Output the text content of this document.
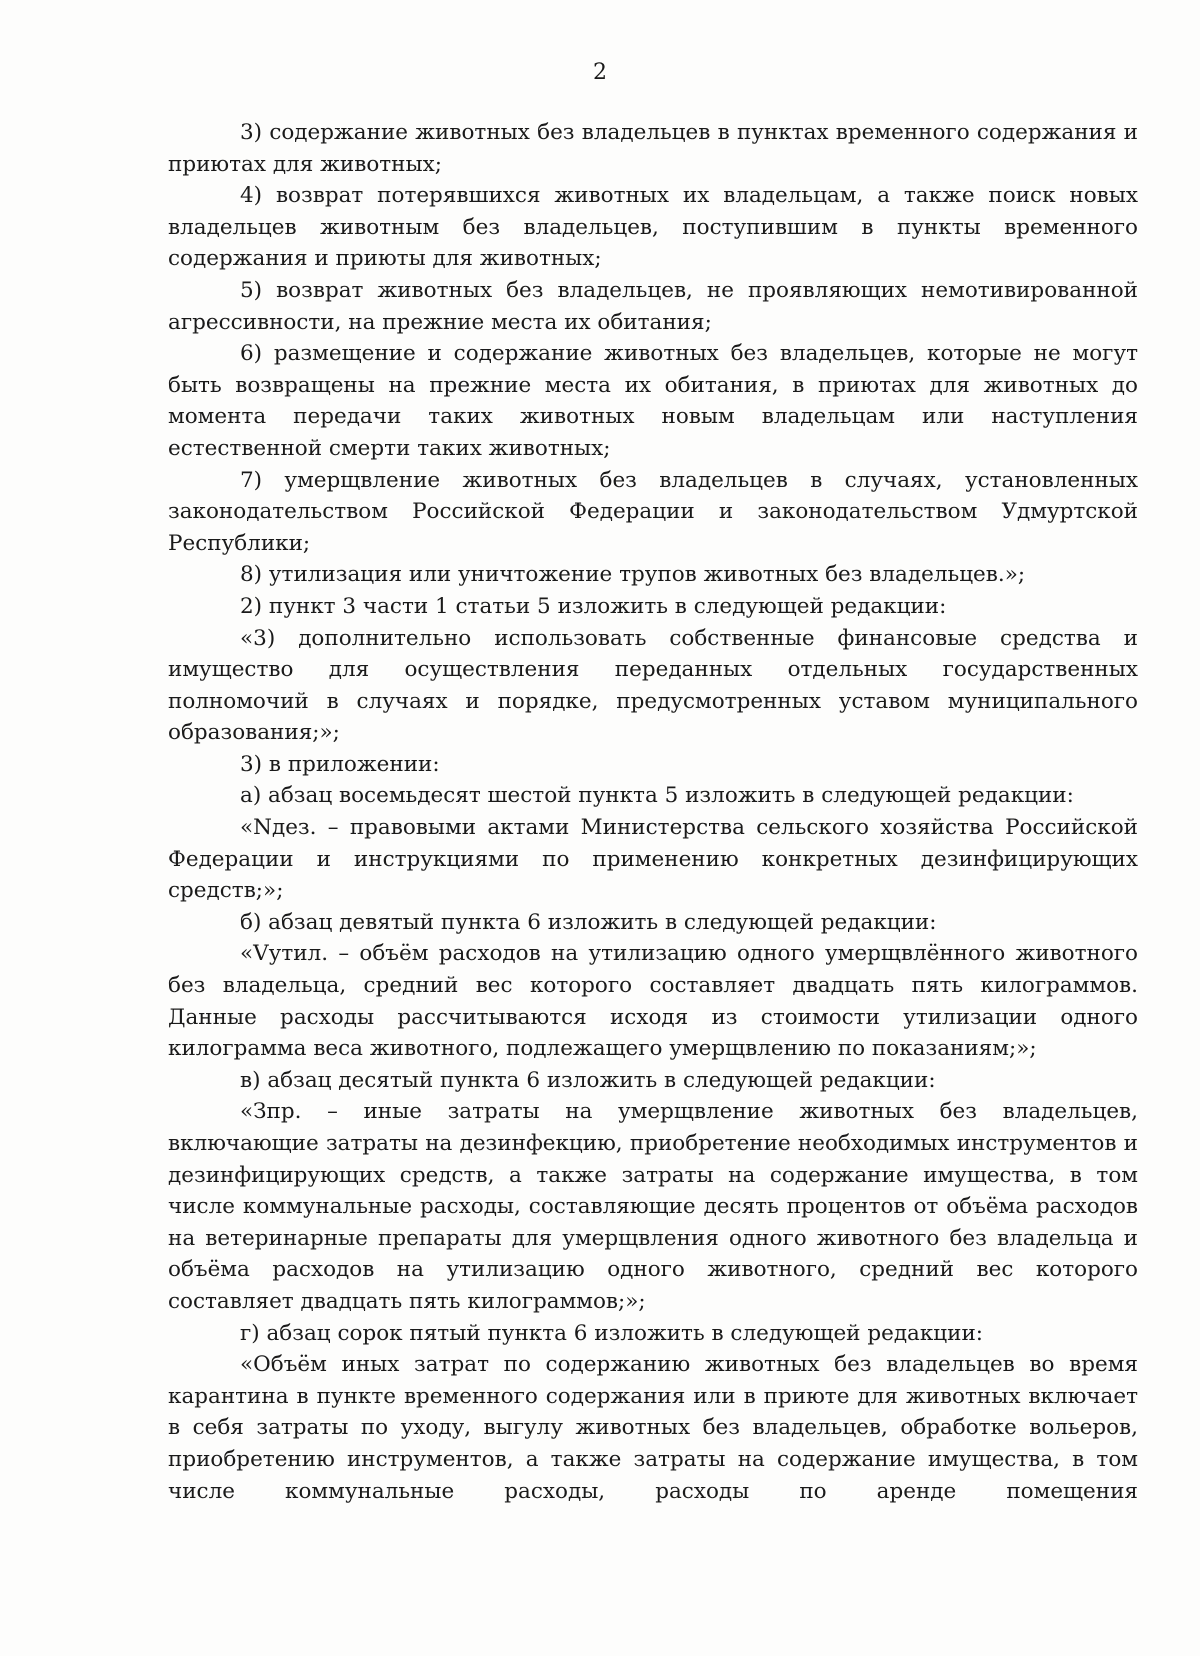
2

3) содержание животных без владельцев в пунктах временного содержания и приютах для животных;

4) возврат потерявшихся животных их владельцам, а также поиск новых владельцев животным без владельцев, поступившим в пункты временного содержания и приюты для животных;

5) возврат животных без владельцев, не проявляющих немотивированной агрессивности, на прежние места их обитания;

6) размещение и содержание животных без владельцев, которые не могут быть возвращены на прежние места их обитания, в приютах для животных до момента передачи таких животных новым владельцам или наступления естественной смерти таких животных;

7) умерщвление животных без владельцев в случаях, установленных законодательством Российской Федерации и законодательством Удмуртской Республики;

8) утилизация или уничтожение трупов животных без владельцев.»;

2) пункт 3 части 1 статьи 5 изложить в следующей редакции:

«3) дополнительно использовать собственные финансовые средства и имущество для осуществления переданных отдельных государственных полномочий в случаях и порядке, предусмотренных уставом муниципального образования;»;

3) в приложении:

а) абзац восемьдесят шестой пункта 5 изложить в следующей редакции:

«Nдез. – правовыми актами Министерства сельского хозяйства Российской Федерации и инструкциями по применению конкретных дезинфицирующих средств;»;

б) абзац девятый пункта 6 изложить в следующей редакции:

«Vутил. – объём расходов на утилизацию одного умерщвлённого животного без владельца, средний вес которого составляет двадцать пять килограммов. Данные расходы рассчитываются исходя из стоимости утилизации одного килограмма веса животного, подлежащего умерщвлению по показаниям;»;

в) абзац десятый пункта 6 изложить в следующей редакции:

«Зпр. – иные затраты на умерщвление животных без владельцев, включающие затраты на дезинфекцию, приобретение необходимых инструментов и дезинфицирующих средств, а также затраты на содержание имущества, в том числе коммунальные расходы, составляющие десять процентов от объёма расходов на ветеринарные препараты для умерщвления одного животного без владельца и объёма расходов на утилизацию одного животного, средний вес которого составляет двадцать пять килограммов;»;

г) абзац сорок пятый пункта 6 изложить в следующей редакции:

«Объём иных затрат по содержанию животных без владельцев во время карантина в пункте временного содержания или в приюте для животных включает в себя затраты по уходу, выгулу животных без владельцев, обработке вольеров, приобретению инструментов, а также затраты на содержание имущества, в том числе коммунальные расходы, расходы по аренде помещения
